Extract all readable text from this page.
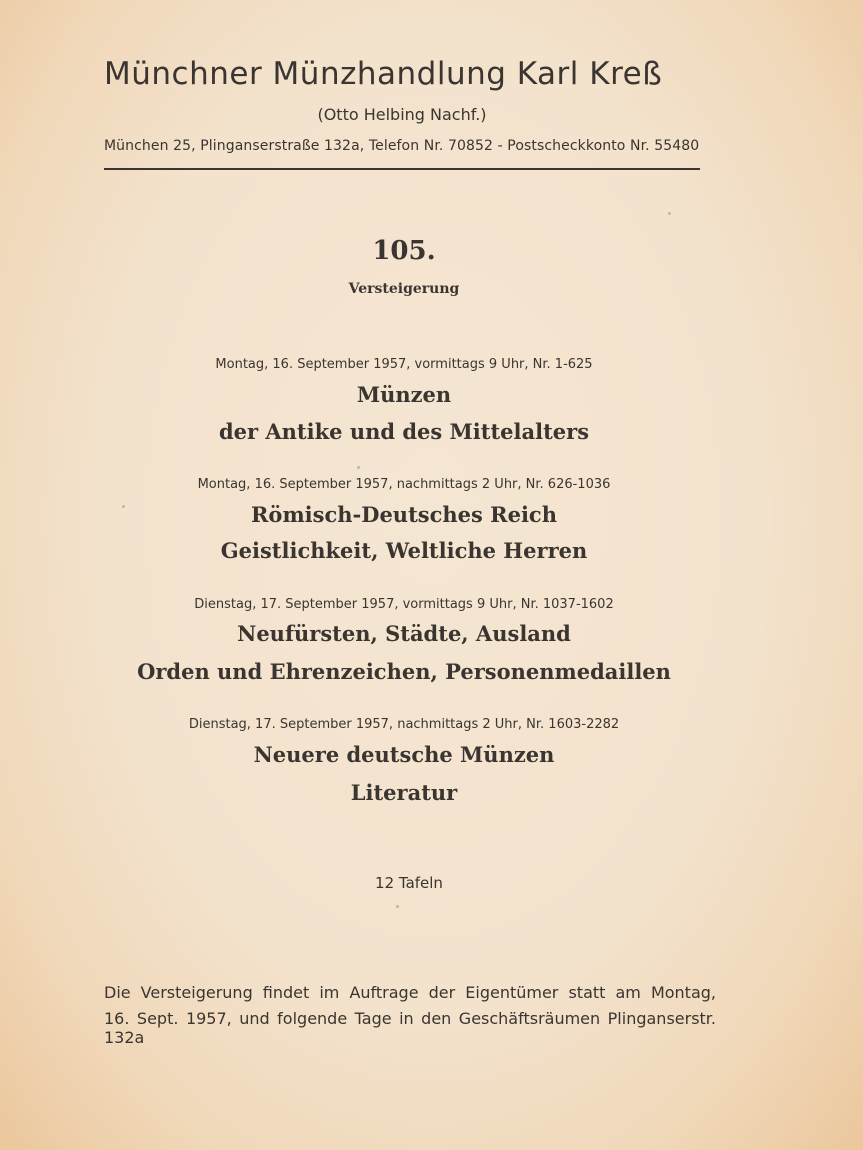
Münchner Münzhandlung Karl Kreß
(Otto Helbing Nachf.)
München 25, Plinganserstraße 132a, Telefon Nr. 70852 - Postscheckkonto Nr. 55480
105.
Versteigerung
Montag, 16. September 1957, vormittags 9 Uhr, Nr. 1-625
Münzen
der Antike und des Mittelalters
Montag, 16. September 1957, nachmittags 2 Uhr, Nr. 626-1036
Römisch-Deutsches Reich
Geistlichkeit, Weltliche Herren
Dienstag, 17. September 1957, vormittags 9 Uhr, Nr. 1037-1602
Neufürsten, Städte, Ausland
Orden und Ehrenzeichen, Personenmedaillen
Dienstag, 17. September 1957, nachmittags 2 Uhr, Nr. 1603-2282
Neuere deutsche Münzen
Literatur
12 Tafeln
Die Versteigerung findet im Auftrage der Eigentümer statt am Montag,
16. Sept. 1957, und folgende Tage in den Geschäftsräumen Plinganserstr. 132a
